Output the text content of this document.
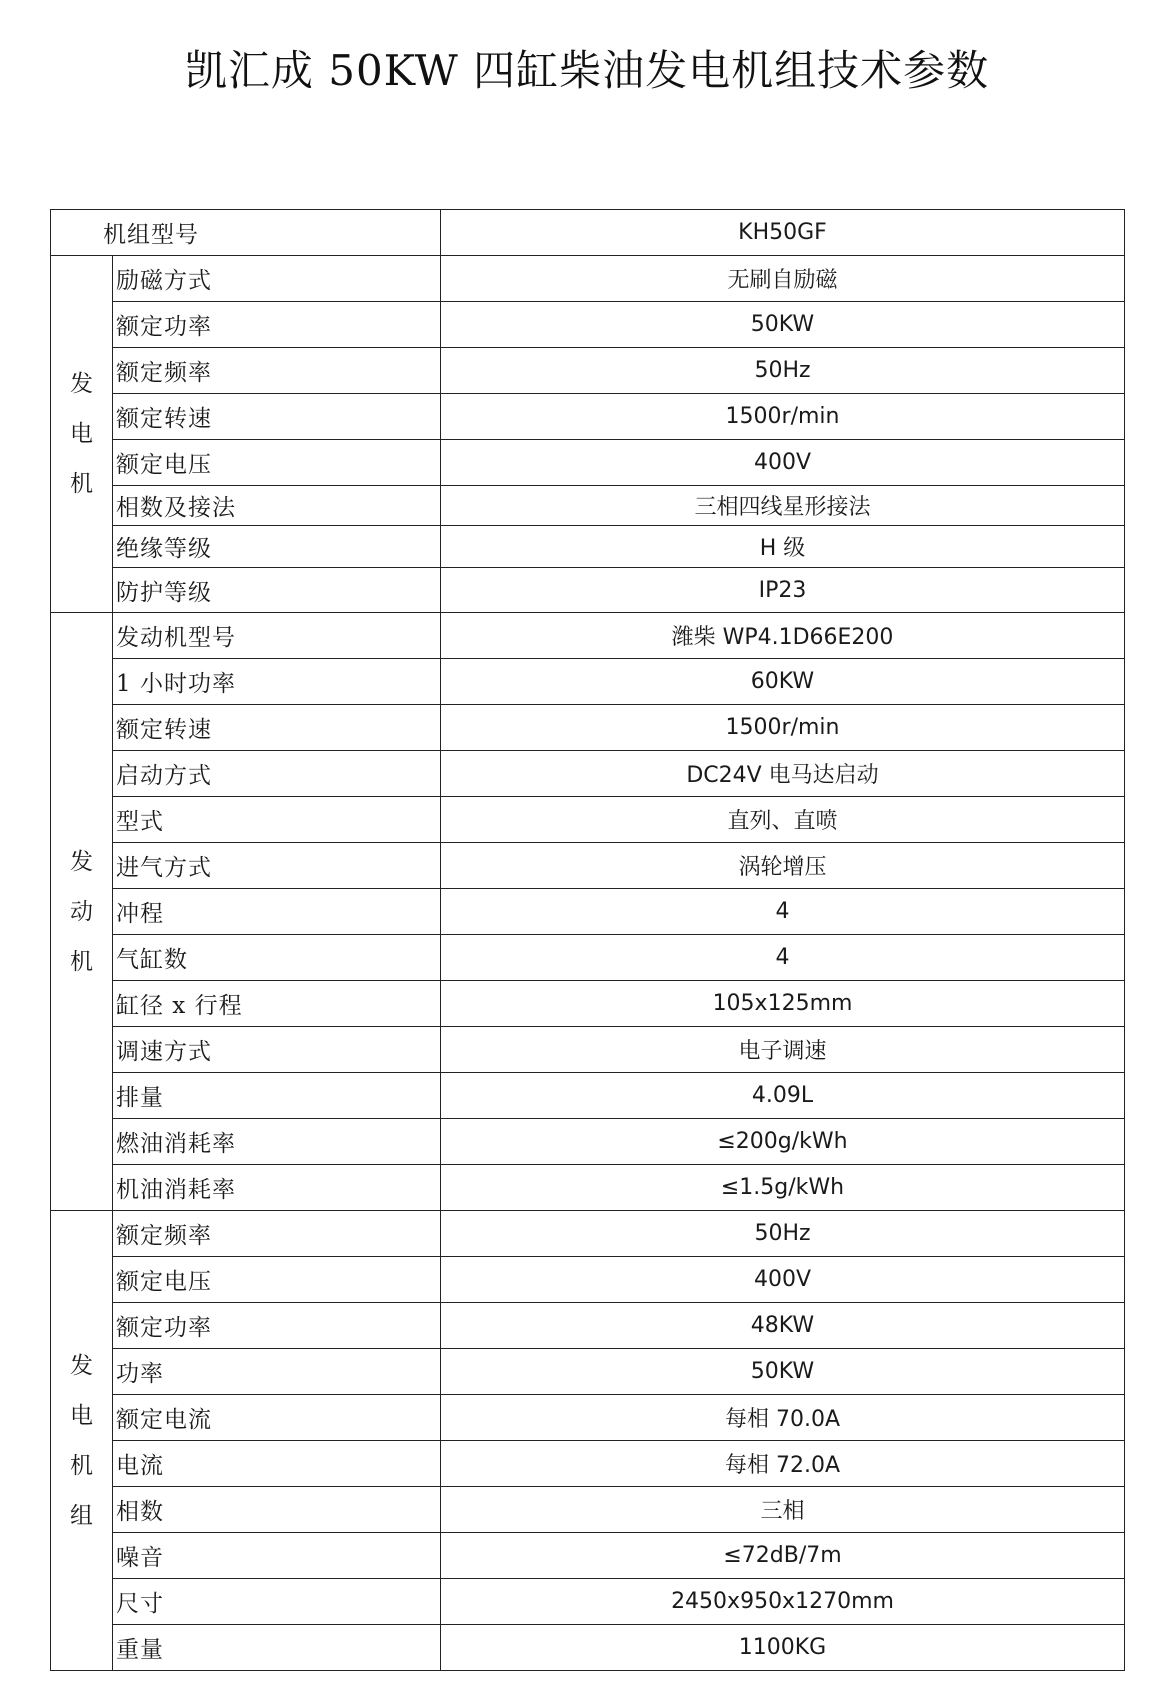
凯汇成 50KW 四缸柴油发电机组技术参数
机组型号		KH50GF

发
电
机	励磁方式	无刷自励磁
	额定功率	50KW
	额定频率	50Hz
	额定转速	1500r/min
	额定电压	400V
	相数及接法	三相四线星形接法
	绝缘等级	H 级
	防护等级	IP23

发
动
机	发动机型号	潍柴 WP4.1D66E200
	1 小时功率	60KW
	额定转速	1500r/min
	启动方式	DC24V 电马达启动
	型式	直列、直喷
	进气方式	涡轮增压
	冲程	4
	气缸数	4
	缸径 x 行程	105x125mm
	调速方式	电子调速
	排量	4.09L
	燃油消耗率	≤200g/kWh
	机油消耗率	≤1.5g/kWh

发
电
机
组	额定频率	50Hz
	额定电压	400V
	额定功率	48KW
	功率	50KW
	额定电流	每相 70.0A
	电流	每相 72.0A
	相数	三相
	噪音	≤72dB/7m
	尺寸	2450x950x1270mm
	重量	1100KG
